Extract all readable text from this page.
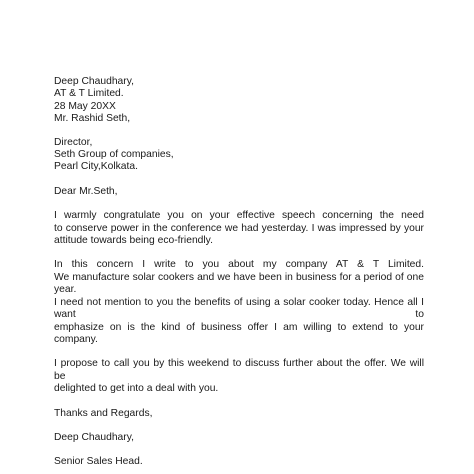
Deep Chaudhary,
AT & T Limited.
28 May 20XX
Mr. Rashid Seth,
Director,
Seth Group of companies,
Pearl City,Kolkata.
Dear Mr.Seth,
I warmly congratulate you on your effective speech concerning the need
to conserve power in the conference we had yesterday. I was impressed by your
attitude towards being eco-friendly.
In this concern I write to you about my company AT & T Limited.
We manufacture solar cookers and we have been in business for a period of one year.
I need not mention to you the benefits of using a solar cooker today. Hence all I want to
emphasize on is the kind of business offer I am willing to extend to your company.
I propose to call you by this weekend to discuss further about the offer. We will be
delighted to get into a deal with you.
Thanks and Regards,
Deep Chaudhary,
Senior Sales Head.
